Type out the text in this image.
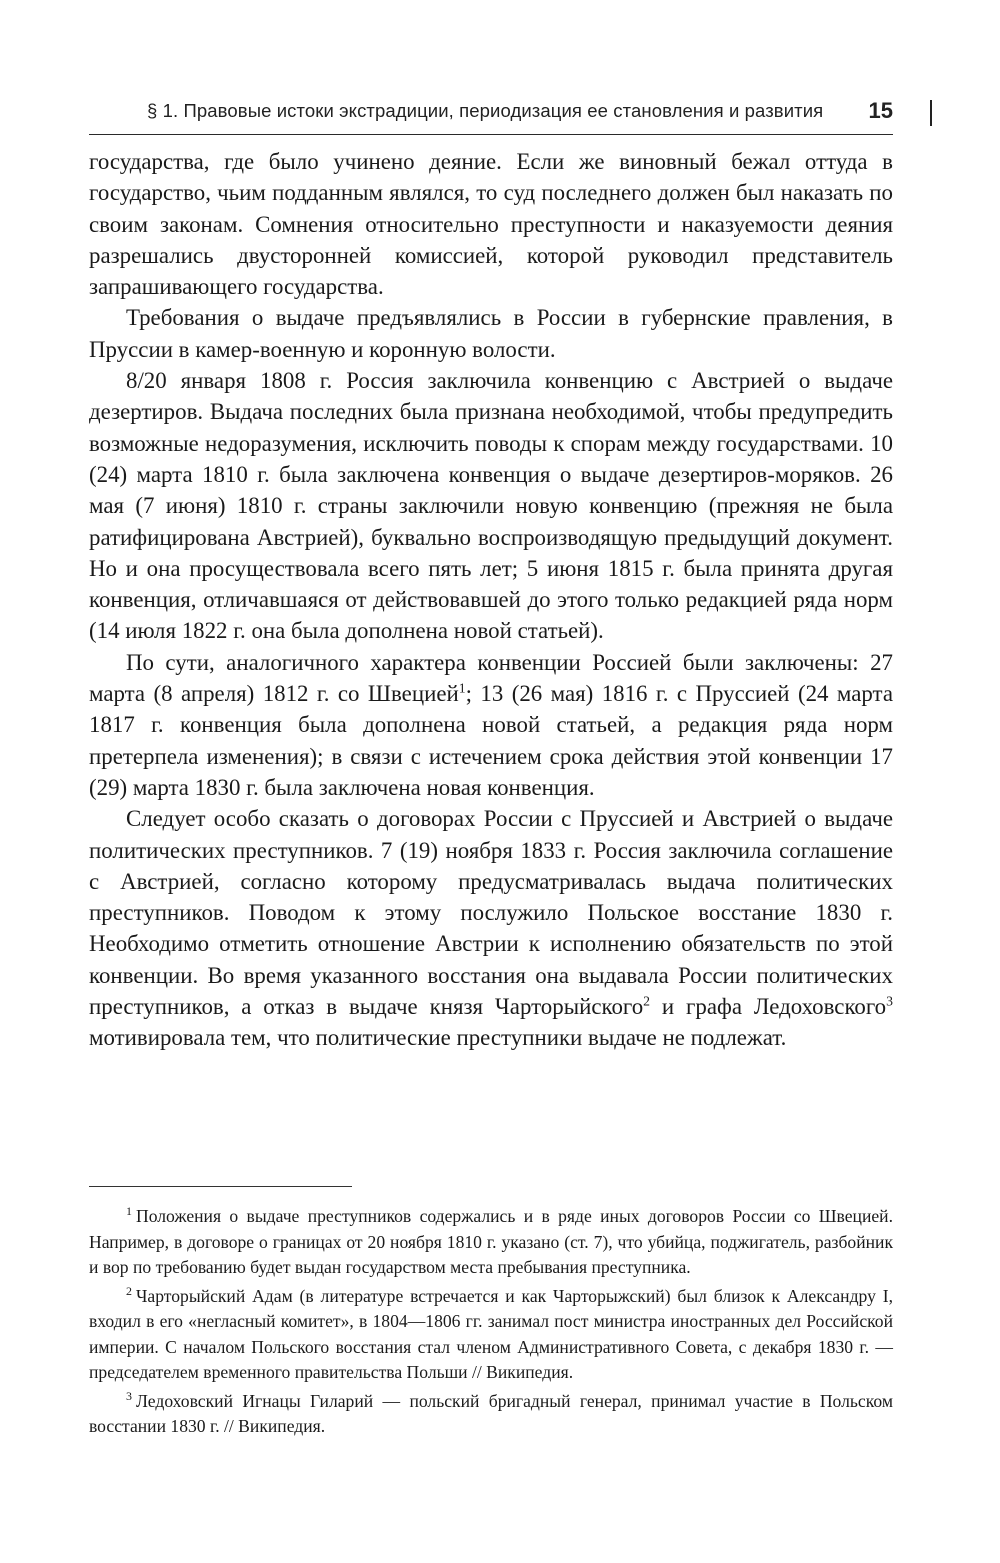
§ 1. Правовые истоки экстрадиции, периодизация ее становления и развития 15

государства, где было учинено деяние. Если же виновный бежал оттуда в государство, чьим подданным являлся, то суд последнего должен был наказать по своим законам. Сомнения относительно преступности и наказуемости деяния разрешались двусторонней комиссией, которой руководил представитель запрашивающего государства.

Требования о выдаче предъявлялись в России в губернские правления, в Пруссии в камер-военную и коронную волости.

8/20 января 1808 г. Россия заключила конвенцию с Австрией о выдаче дезертиров. Выдача последних была признана необходимой, чтобы предупредить возможные недоразумения, исключить поводы к спорам между государствами. 10 (24) марта 1810 г. была заключена конвенция о выдаче дезертиров-моряков. 26 мая (7 июня) 1810 г. страны заключили новую конвенцию (прежняя не была ратифицирована Австрией), буквально воспроизводящую предыдущий документ. Но и она просуществовала всего пять лет; 5 июня 1815 г. была принята другая конвенция, отличавшаяся от действовавшей до этого только редакцией ряда норм (14 июля 1822 г. она была дополнена новой статьей).

По сути, аналогичного характера конвенции Россией были заключены: 27 марта (8 апреля) 1812 г. со Швецией$^1$; 13 (26 мая) 1816 г. с Пруссией (24 марта 1817 г. конвенция была дополнена новой статьей, а редакция ряда норм претерпела изменения); в связи с истечением срока действия этой конвенции 17 (29) марта 1830 г. была заключена новая конвенция.

Следует особо сказать о договорах России с Пруссией и Австрией о выдаче политических преступников. 7 (19) ноября 1833 г. Россия заключила соглашение с Австрией, согласно которому предусматривалась выдача политических преступников. Поводом к этому послужило Польское восстание 1830 г. Необходимо отметить отношение Австрии к исполнению обязательств по этой конвенции. Во время указанного восстания она выдавала России политических преступников, а отказ в выдаче князя Чарторыйского$^2$ и графа Ледоховского$^3$ мотивировала тем, что политические преступники выдаче не подлежат.

$^1$ Положения о выдаче преступников содержались и в ряде иных договоров России со Швецией. Например, в договоре о границах от 20 ноября 1810 г. указано (ст. 7), что убийца, поджигатель, разбойник и вор по требованию будет выдан государством места пребывания преступника.

$^2$ Чарторыйский Адам (в литературе встречается и как Чарторыжский) был близок к Александру I, входил в его «негласный комитет», в 1804—1806 гг. занимал пост министра иностранных дел Российской империи. С началом Польского восстания стал членом Административного Совета, с декабря 1830 г. — председателем временного правительства Польши // Википедия.

$^3$ Ледоховский Игнацы Гиларий — польский бригадный генерал, принимал участие в Польском восстании 1830 г. // Википедия.
